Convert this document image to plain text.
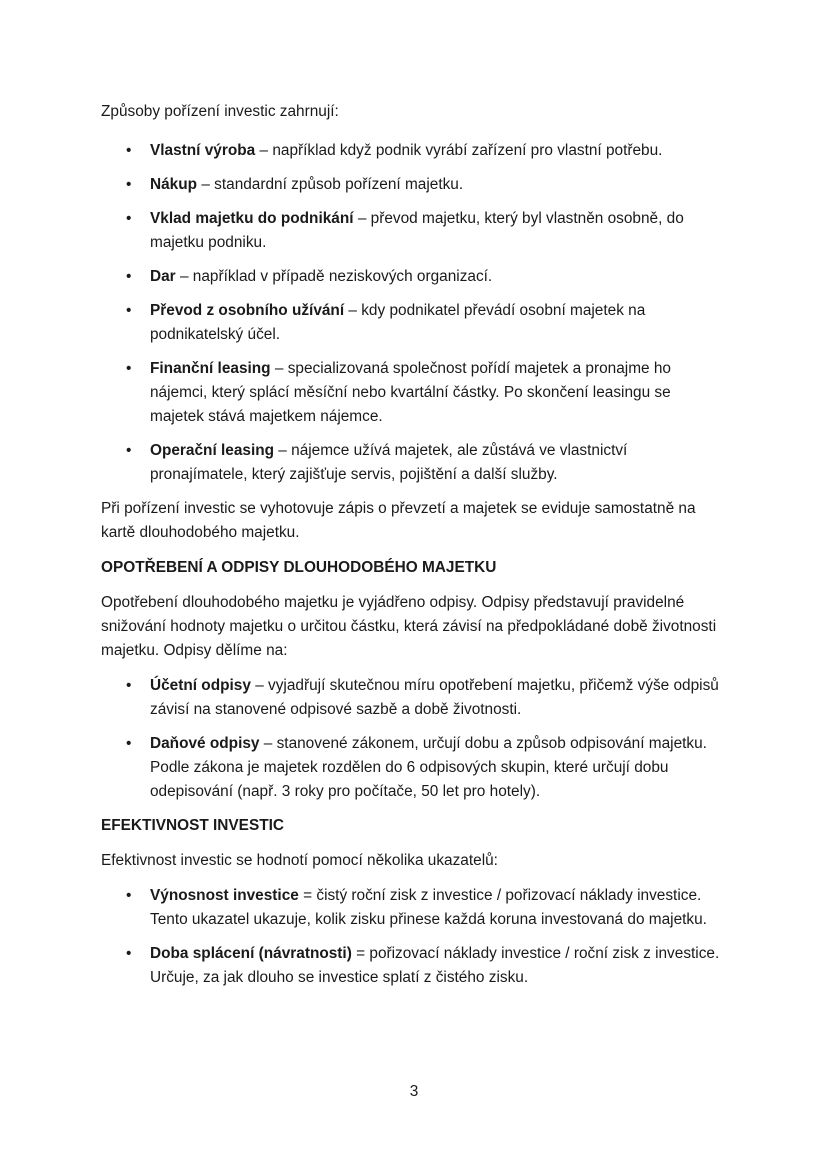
Způsoby pořízení investic zahrnují:

• Vlastní výroba – například když podnik vyrábí zařízení pro vlastní potřebu.
• Nákup – standardní způsob pořízení majetku.
• Vklad majetku do podnikání – převod majetku, který byl vlastněn osobně, do majetku podniku.
• Dar – například v případě neziskových organizací.
• Převod z osobního užívání – kdy podnikatel převádí osobní majetek na podnikatelský účel.
• Finanční leasing – specializovaná společnost pořídí majetek a pronajme ho nájemci, který splácí měsíční nebo kvartální částky. Po skončení leasingu se majetek stává majetkem nájemce.
• Operační leasing – nájemce užívá majetek, ale zůstává ve vlastnictví pronajímatele, který zajišťuje servis, pojištění a další služby.

Při pořízení investic se vyhotovuje zápis o převzetí a majetek se eviduje samostatně na kartě dlouhodobého majetku.

OPOTŘEBENÍ A ODPISY DLOUHODOBÉHO MAJETKU

Opotřebení dlouhodobého majetku je vyjádřeno odpisy. Odpisy představují pravidelné snižování hodnoty majetku o určitou částku, která závisí na předpokládané době životnosti majetku. Odpisy dělíme na:

• Účetní odpisy – vyjadřují skutečnou míru opotřebení majetku, přičemž výše odpisů závisí na stanovené odpisové sazbě a době životnosti.
• Daňové odpisy – stanovené zákonem, určují dobu a způsob odpisování majetku. Podle zákona je majetek rozdělen do 6 odpisových skupin, které určují dobu odepisování (např. 3 roky pro počítače, 50 let pro hotely).

EFEKTIVNOST INVESTIC

Efektivnost investic se hodnotí pomocí několika ukazatelů:

• Výnosnost investice = čistý roční zisk z investice / pořizovací náklady investice. Tento ukazatel ukazuje, kolik zisku přinese každá koruna investovaná do majetku.
• Doba splácení (návratnosti) = pořizovací náklady investice / roční zisk z investice. Určuje, za jak dlouho se investice splatí z čistého zisku.
3
